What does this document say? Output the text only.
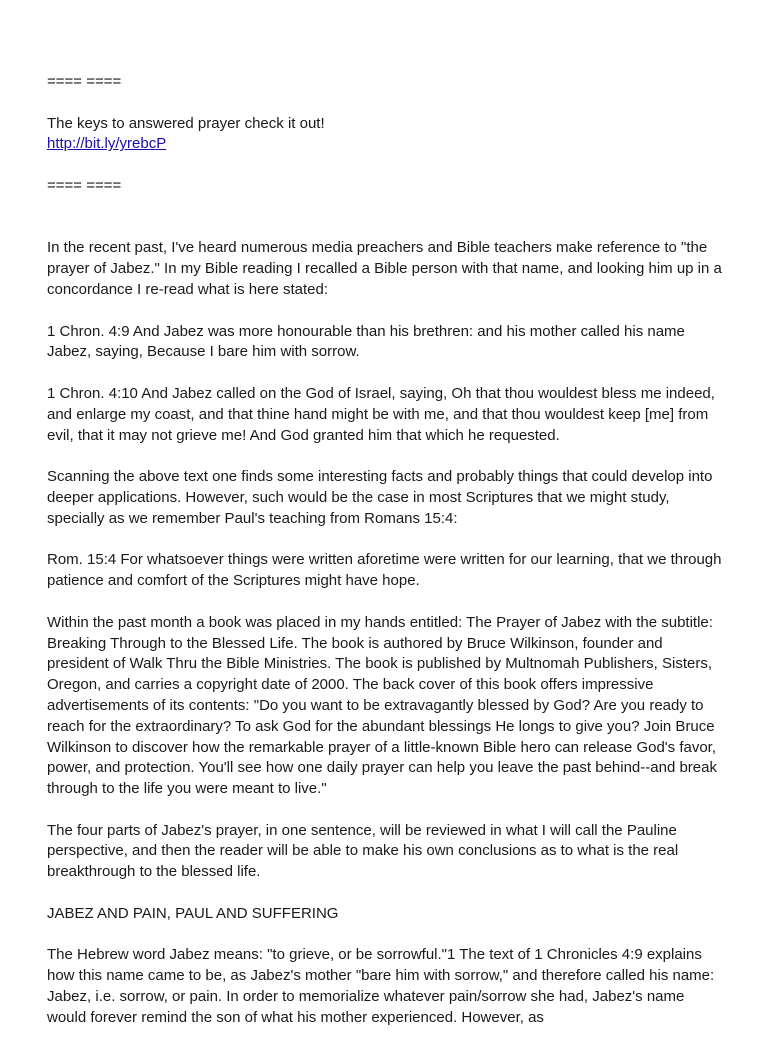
==== ====
The keys to answered prayer check it out!
http://bit.ly/yrebcP
==== ====

In the recent past, I've heard numerous media preachers and Bible teachers make reference to "the prayer of Jabez." In my Bible reading I recalled a Bible person with that name, and looking him up in a concordance I re-read what is here stated:

1 Chron. 4:9 And Jabez was more honourable than his brethren: and his mother called his name Jabez, saying, Because I bare him with sorrow.

1 Chron. 4:10 And Jabez called on the God of Israel, saying, Oh that thou wouldest bless me indeed, and enlarge my coast, and that thine hand might be with me, and that thou wouldest keep [me] from evil, that it may not grieve me! And God granted him that which he requested.

Scanning the above text one finds some interesting facts and probably things that could develop into deeper applications. However, such would be the case in most Scriptures that we might study, specially as we remember Paul's teaching from Romans 15:4:

Rom. 15:4 For whatsoever things were written aforetime were written for our learning, that we through patience and comfort of the Scriptures might have hope.

Within the past month a book was placed in my hands entitled: The Prayer of Jabez with the subtitle: Breaking Through to the Blessed Life. The book is authored by Bruce Wilkinson, founder and president of Walk Thru the Bible Ministries. The book is published by Multnomah Publishers, Sisters, Oregon, and carries a copyright date of 2000. The back cover of this book offers impressive advertisements of its contents: "Do you want to be extravagantly blessed by God? Are you ready to reach for the extraordinary? To ask God for the abundant blessings He longs to give you? Join Bruce Wilkinson to discover how the remarkable prayer of a little-known Bible hero can release God's favor, power, and protection. You'll see how one daily prayer can help you leave the past behind--and break through to the life you were meant to live."

The four parts of Jabez's prayer, in one sentence, will be reviewed in what I will call the Pauline perspective, and then the reader will be able to make his own conclusions as to what is the real breakthrough to the blessed life.

JABEZ AND PAIN, PAUL AND SUFFERING

The Hebrew word Jabez means: "to grieve, or be sorrowful."1 The text of 1 Chronicles 4:9 explains how this name came to be, as Jabez's mother "bare him with sorrow," and therefore called his name: Jabez, i.e. sorrow, or pain. In order to memorialize whatever pain/sorrow she had, Jabez's name would forever remind the son of what his mother experienced. However, as
